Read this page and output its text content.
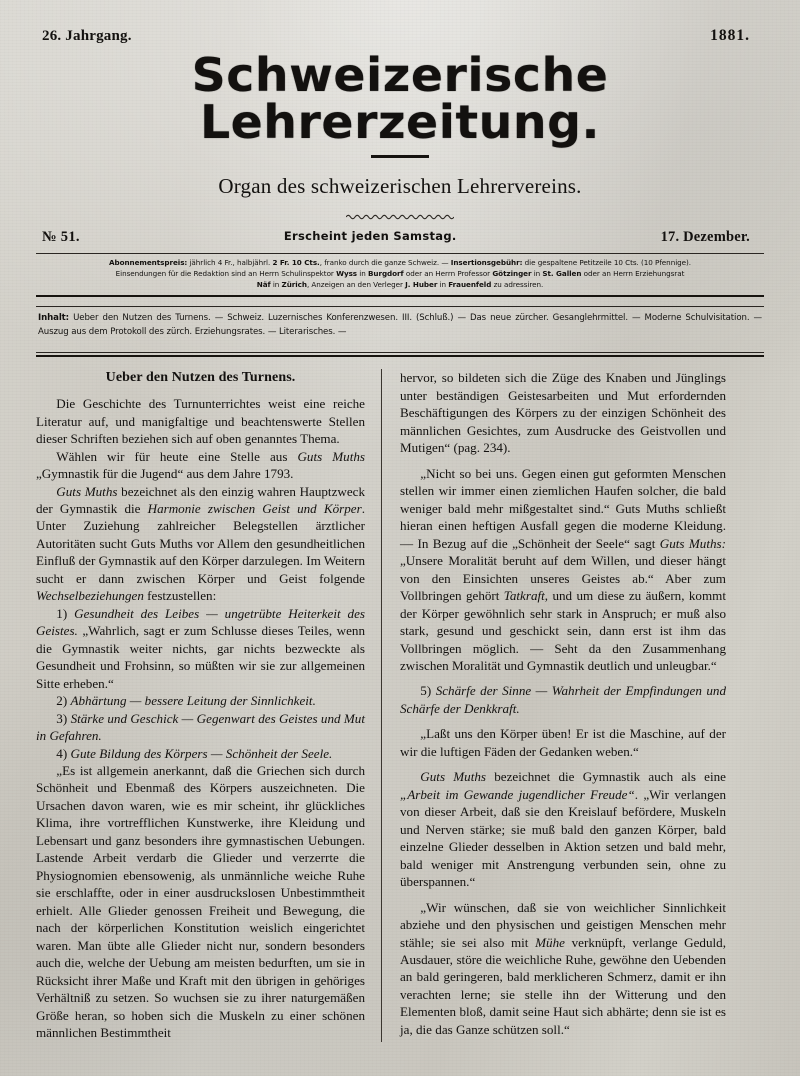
26. Jahrgang.	1881.
Schweizerische Lehrerzeitung.
Organ des schweizerischen Lehrervereins.
№ 51.	Erscheint jeden Samstag.	17. Dezember.
Abonnementspreis: jährlich 4 Fr., halbjährl. 2 Fr. 10 Cts., franko durch die ganze Schweiz. — Insertionsgebühr: die gespaltene Petitzeile 10 Cts. (10 Pfennige).
Einsendungen für die Redaktion sind an Herrn Schulinspektor Wyss in Burgdorf oder an Herrn Professor Götzinger in St. Gallen oder an Herrn Erziehungsrat
Näf in Zürich, Anzeigen an den Verleger J. Huber in Frauenfeld zu adressiren.
Inhalt: Ueber den Nutzen des Turnens. — Schweiz. Luzernisches Konferenzwesen. III. (Schluß.) — Das neue zürcher. Gesanglehrmittel. — Moderne Schulvisitation. — Auszug aus dem Protokoll des zürch. Erziehungsrates. — Literarisches. —
Ueber den Nutzen des Turnens.

Die Geschichte des Turnunterrichtes weist eine reiche Literatur auf, und manigfaltige und beachtenswerte Stellen dieser Schriften beziehen sich auf oben genanntes Thema.

Wählen wir für heute eine Stelle aus Guts Muths „Gymnastik für die Jugend“ aus dem Jahre 1793.

Guts Muths bezeichnet als den einzig wahren Hauptzweck der Gymnastik die Harmonie zwischen Geist und Körper. Unter Zuziehung zahlreicher Belegstellen ärztlicher Autoritäten sucht Guts Muths vor Allem den gesundheitlichen Einfluß der Gymnastik auf den Körper darzulegen. Im Weitern sucht er dann zwischen Körper und Geist folgende Wechselbeziehungen festzustellen:

1) Gesundheit des Leibes — ungetrübte Heiterkeit des Geistes. „Wahrlich, sagt er zum Schlusse dieses Teiles, wenn die Gymnastik weiter nichts, gar nichts bezweckte als Gesundheit und Frohsinn, so müßten wir sie zur allgemeinen Sitte erheben.“

2) Abhärtung — bessere Leitung der Sinnlichkeit.

3) Stärke und Geschick — Gegenwart des Geistes und Mut in Gefahren.

4) Gute Bildung des Körpers — Schönheit der Seele.

„Es ist allgemein anerkannt, daß die Griechen sich durch Schönheit und Ebenmaß des Körpers auszeichneten. Die Ursachen davon waren, wie es mir scheint, ihr glückliches Klima, ihre vortrefflichen Kunstwerke, ihre Kleidung und Lebensart und ganz besonders ihre gymnastischen Uebungen. Lastende Arbeit verdarb die Glieder und verzerrte die Physiognomien ebensowenig, als unmännliche weiche Ruhe sie erschlaffte, oder in einer ausdruckslosen Unbestimmtheit erhielt. Alle Glieder genossen Freiheit und Bewegung, die nach der körperlichen Konstitution weislich eingerichtet waren. Man übte alle Glieder nicht nur, sondern besonders auch die, welche der Uebung am meisten bedurften, um sie in Rücksicht ihrer Maße und Kraft mit den übrigen in gehöriges Verhältniß zu setzen. So wuchsen sie zu ihrer naturgemäßen Größe heran, so hoben sich die Muskeln zu einer schönen männlichen Bestimmtheit

hervor, so bildeten sich die Züge des Knaben und Jünglings unter beständigen Geistesarbeiten und Mut erfordernden Beschäftigungen des Körpers zu der einzigen Schönheit des männlichen Gesichtes, zum Ausdrucke des Geistvollen und Mutigen“ (pag. 234).

„Nicht so bei uns. Gegen einen gut geformten Menschen stellen wir immer einen ziemlichen Haufen solcher, die bald weniger bald mehr mißgestaltet sind.“ Guts Muths schließt hieran einen heftigen Ausfall gegen die moderne Kleidung. — In Bezug auf die „Schönheit der Seele“ sagt Guts Muths: „Unsere Moralität beruht auf dem Willen, und dieser hängt von den Einsichten unseres Geistes ab.“ Aber zum Vollbringen gehört Tatkraft, und um diese zu äußern, kommt der Körper gewöhnlich sehr stark in Anspruch; er muß also stark, gesund und geschickt sein, dann erst ist ihm das Vollbringen möglich. — Seht da den Zusammenhang zwischen Moralität und Gymnastik deutlich und unleugbar.“

5) Schärfe der Sinne — Wahrheit der Empfindungen und Schärfe der Denkkraft.

„Laßt uns den Körper üben! Er ist die Maschine, auf der wir die luftigen Fäden der Gedanken weben.“

Guts Muths bezeichnet die Gymnastik auch als eine „Arbeit im Gewande jugendlicher Freude“. „Wir verlangen von dieser Arbeit, daß sie den Kreislauf befördere, Muskeln und Nerven stärke; sie muß bald den ganzen Körper, bald einzelne Glieder desselben in Aktion setzen und bald mehr, bald weniger mit Anstrengung verbunden sein, ohne zu überspannen.“

„Wir wünschen, daß sie von weichlicher Sinnlichkeit abziehe und den physischen und geistigen Menschen mehr stähle; sie sei also mit Mühe verknüpft, verlange Geduld, Ausdauer, störe die weichliche Ruhe, gewöhne den Uebenden an bald geringeren, bald merklicheren Schmerz, damit er ihn verachten lerne; sie stelle ihn der Witterung und den Elementen bloß, damit seine Haut sich abhärte; denn sie ist es ja, die das Ganze schützen soll.“
